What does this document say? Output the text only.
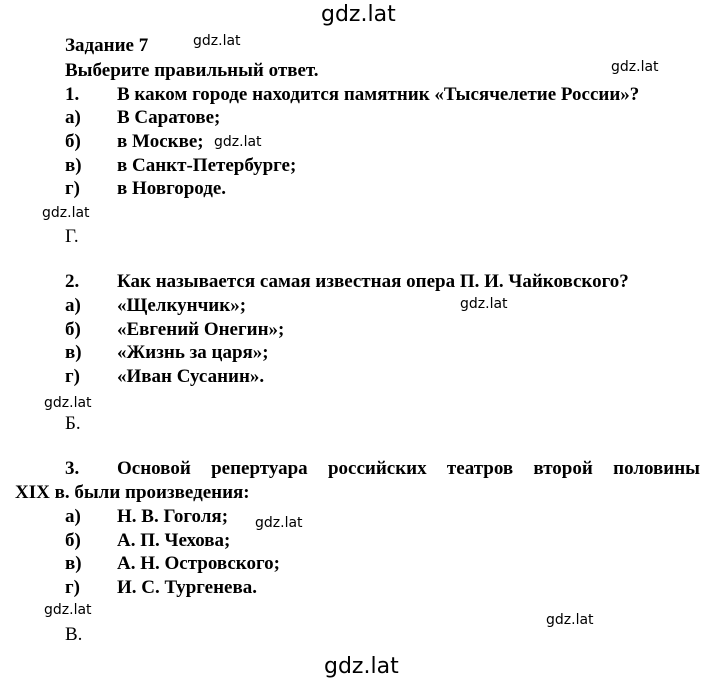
gdz.lat
gdz.lat
gdz.lat
gdz.lat
gdz.lat
gdz.lat
gdz.lat
gdz.lat
gdz.lat
gdz.lat
gdz.lat
Задание 7
Выберите правильный ответ.
1. В каком городе находится памятник «Тысячелетие России»?
а) В Саратове;
б) в Москве;
в) в Санкт-Петербурге;
г) в Новгороде.
Г.
2. Как называется самая известная опера П. И. Чайковского?
а) «Щелкунчик»;
б) «Евгений Онегин»;
в) «Жизнь за царя»;
г) «Иван Сусанин».
Б.
3. Основой репертуара российских театров второй половины
XIX в. были произведения:
а) Н. В. Гоголя;
б) А. П. Чехова;
в) А. Н. Островского;
г) И. С. Тургенева.
В.
